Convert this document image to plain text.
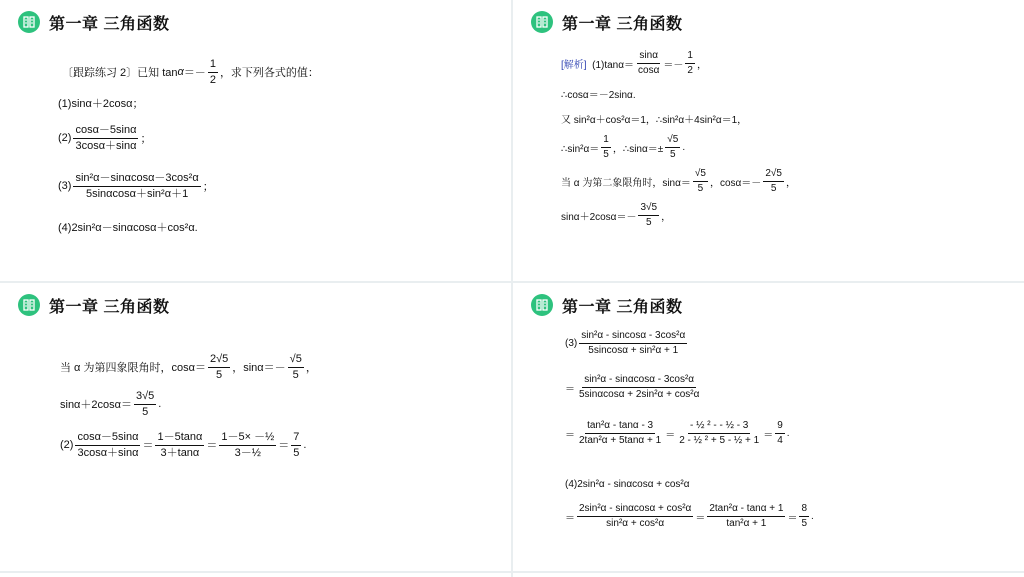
第一章 三角函数
〔跟踪练习 2〕已知 $\tan \alpha =- \frac{1}{2}$ ，求下列各式的值：
(1)sinα＋2cosα；
$(2) \frac{\cos\alpha-5\sin\alpha}{3\cos\alpha+\sin\alpha}$ ；
$(3) \frac{\text{sin²α－sinαcosα－3cos²α}}{\text{5sinαcosα＋sin²α＋1}}$ ；
(4)2sin²α－sinαcosα＋cos²α.
第一章 三角函数
[解析]
$(1)\tan\alpha= \frac{\sin\alpha}{\cos\alpha} =- \frac{1}{2}$ ，
∴cosα＝－2sinα.
又 sin²α＋cos²α＝1，∴sin²α＋4sin²α＝1，
∴sin²α＝ $\frac{1}{5}$ ，∴sinα＝± $\frac{√5}{5}$ .
当 α 为第二象限角时，$\sin\alpha= \frac{√5}{5}$ ，$\cos\alpha=- \frac{2√5}{5}$ ，
$\sin\alpha+2\cos\alpha=- \frac{3√5}{5}$ ，
第一章 三角函数
当 α 为第四象限角时，$\cos\alpha= \frac{2√5}{5}$ ，$\sin\alpha=- \frac{√5}{5}$ ，
$\sin\alpha+2\cos\alpha= \frac{3√5}{5}$ .
$(2) \frac{\cos\alpha-5\sin\alpha}{3\cos\alpha+\sin\alpha} = \frac{1-5\tan\alpha}{3+\tan\alpha} = \frac{\text{1－5× －½}}{\text{3－½}} = \frac{7}{5}$ .
第一章 三角函数
$(3) \frac{\text{sin²α - sincosα - 3cos²α}}{\text{5sincosα + sin²α + 1}}$
＝ $\frac{\text{sin²α - sinαcosα - 3cos²α}}{\text{5sinαcosα + 2sin²α + cos²α}}$
＝ $\frac{\text{tan²α - tanα - 3}}{\text{2tan²α + 5tanα + 1}} = \frac{\text{- ½ ² - - ½ - 3}}{\text{2 - ½ ² + 5 - ½ + 1}} = \frac{9}{4}$ .
(4)2sin²α - sinαcosα + cos²α
＝ $\frac{\text{2sin²α - sinαcosα + cos²α}}{\text{sin²α + cos²α}} = \frac{\text{2tan²α - tanα + 1}}{\text{tan²α + 1}} = \frac{8}{5}$ .
